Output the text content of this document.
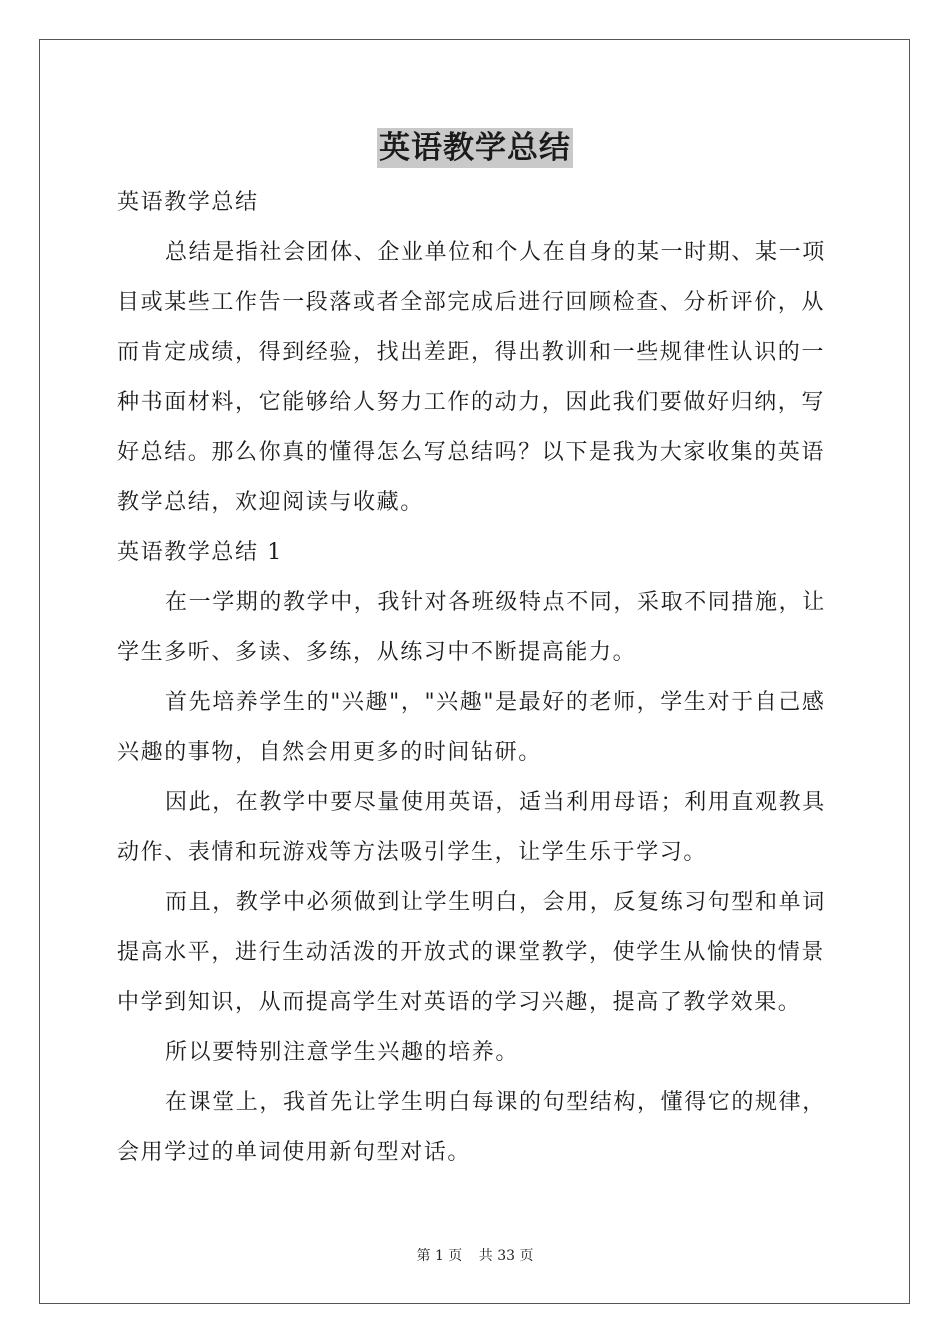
英语教学总结
英语教学总结
总结是指社会团体、企业单位和个人在自身的某一时期、某一项
目或某些工作告一段落或者全部完成后进行回顾检查、分析评价，从
而肯定成绩，得到经验，找出差距，得出教训和一些规律性认识的一
种书面材料，它能够给人努力工作的动力，因此我们要做好归纳，写
好总结。那么你真的懂得怎么写总结吗？以下是我为大家收集的英语
教学总结，欢迎阅读与收藏。
英语教学总结 1
在一学期的教学中，我针对各班级特点不同，采取不同措施，让
学生多听、多读、多练，从练习中不断提高能力。
首先培养学生的"兴趣"，"兴趣"是最好的老师，学生对于自己感
兴趣的事物，自然会用更多的时间钻研。
因此，在教学中要尽量使用英语，适当利用母语；利用直观教具
动作、表情和玩游戏等方法吸引学生，让学生乐于学习。
而且，教学中必须做到让学生明白，会用，反复练习句型和单词
提高水平，进行生动活泼的开放式的课堂教学，使学生从愉快的情景
中学到知识，从而提高学生对英语的学习兴趣，提高了教学效果。
所以要特别注意学生兴趣的培养。
在课堂上，我首先让学生明白每课的句型结构，懂得它的规律，
会用学过的单词使用新句型对话。
第 1 页 共 33 页
